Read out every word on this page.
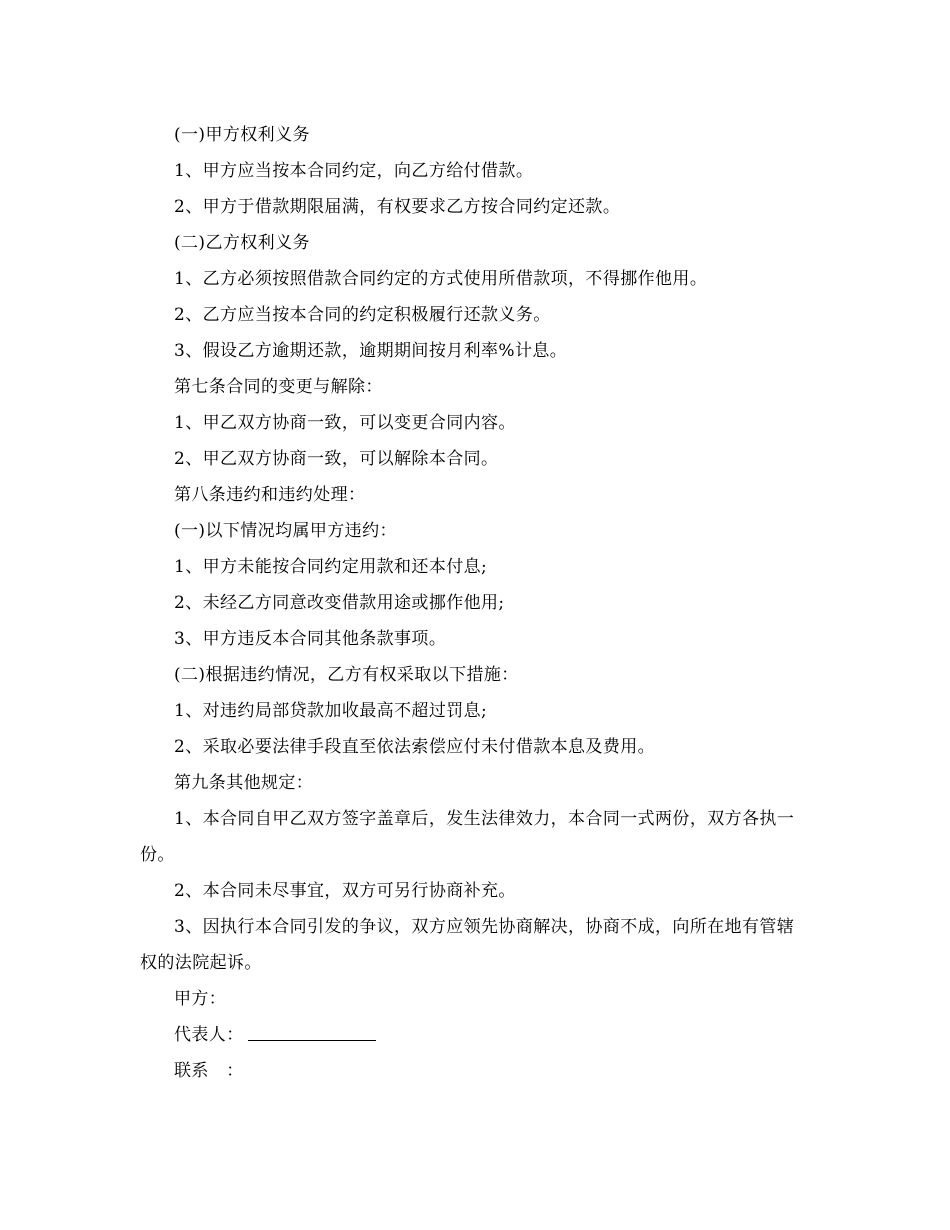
(一)甲方权利义务

1、甲方应当按本合同约定，向乙方给付借款。

2、甲方于借款期限届满，有权要求乙方按合同约定还款。

(二)乙方权利义务

1、乙方必须按照借款合同约定的方式使用所借款项，不得挪作他用。

2、乙方应当按本合同的约定积极履行还款义务。

3、假设乙方逾期还款，逾期期间按月利率%计息。

第七条合同的变更与解除：

1、甲乙双方协商一致，可以变更合同内容。

2、甲乙双方协商一致，可以解除本合同。

第八条违约和违约处理：

(一)以下情况均属甲方违约：

1、甲方未能按合同约定用款和还本付息;

2、未经乙方同意改变借款用途或挪作他用;

3、甲方违反本合同其他条款事项。

(二)根据违约情况，乙方有权采取以下措施：

1、对违约局部贷款加收最高不超过罚息;

2、采取必要法律手段直至依法索偿应付未付借款本息及费用。

第九条其他规定：

1、本合同自甲乙双方签字盖章后，发生法律效力，本合同一式两份，双方各执一份。

2、本合同未尽事宜，双方可另行协商补充。

3、因执行本合同引发的争议，双方应领先协商解决，协商不成，向所在地有管辖权的法院起诉。

甲方：

代表人：

联系　：
